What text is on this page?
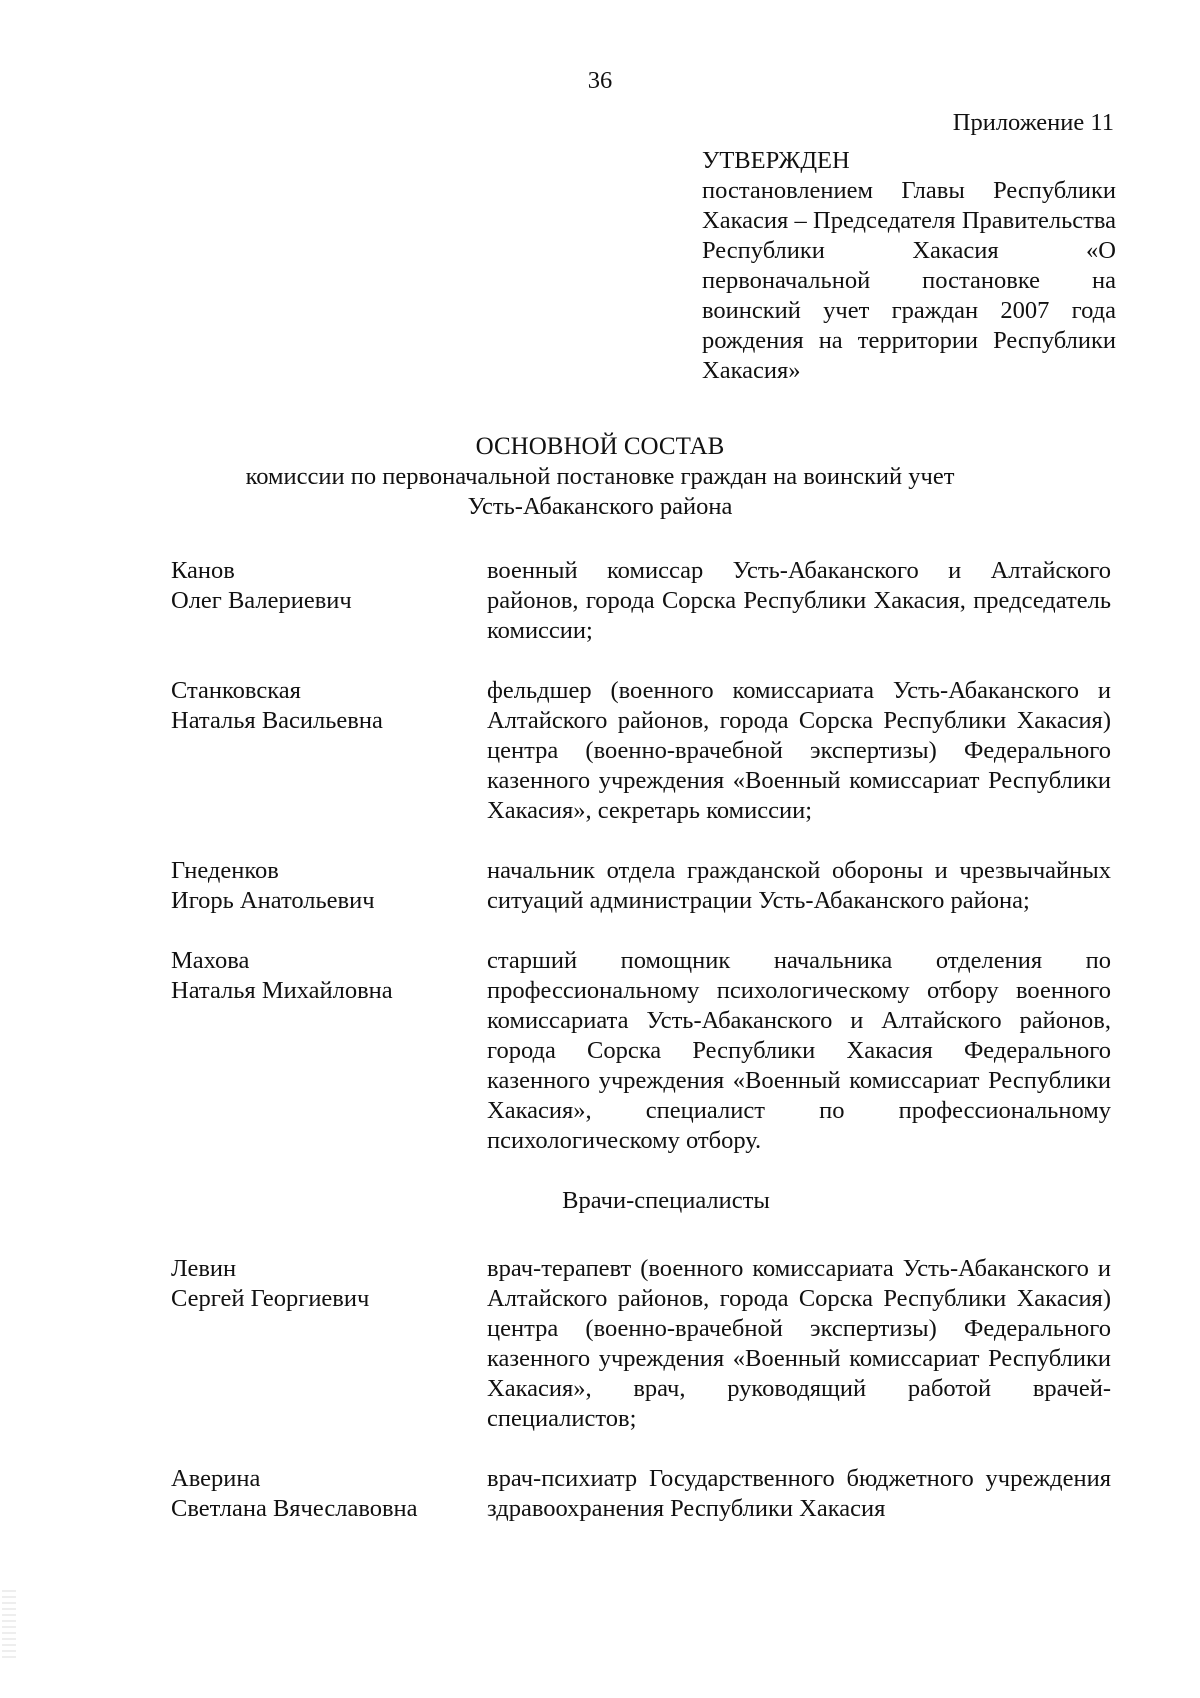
36
Приложение 11
УТВЕРЖДЕН
постановлением Главы Республики Хакасия – Председателя Правительства Республики Хакасия «О первоначальной постановке на воинский учет граждан 2007 года рождения на территории Республики Хакасия»
ОСНОВНОЙ СОСТАВ
комиссии по первоначальной постановке граждан на воинский учет
Усть-Абаканского района
Канов
Олег Валериевич
военный комиссар Усть-Абаканского и Алтайского районов, города Сорска Республики Хакасия, председатель комиссии;
Станковская
Наталья Васильевна
фельдшер (военного комиссариата Усть-Абаканского и Алтайского районов, города Сорска Республики Хакасия) центра (военно-врачебной экспертизы) Федерального казенного учреждения «Военный комиссариат Республики Хакасия», секретарь комиссии;
Гнеденков
Игорь Анатольевич
начальник отдела гражданской обороны и чрезвычайных ситуаций администрации Усть-Абаканского района;
Махова
Наталья Михайловна
старший помощник начальника отделения по профессиональному психологическому отбору военного комиссариата Усть-Абаканского и Алтайского районов, города Сорска Республики Хакасия Федерального казенного учреждения «Военный комиссариат Республики Хакасия», специалист по профессиональному психологическому отбору.
Врачи-специалисты
Левин
Сергей Георгиевич
врач-терапевт (военного комиссариата Усть-Абаканского и Алтайского районов, города Сорска Республики Хакасия) центра (военно-врачебной экспертизы) Федерального казенного учреждения «Военный комиссариат Республики Хакасия», врач, руководящий работой врачей-специалистов;
Аверина
Светлана Вячеславовна
врач-психиатр Государственного бюджетного учреждения здравоохранения Республики Хакасия
